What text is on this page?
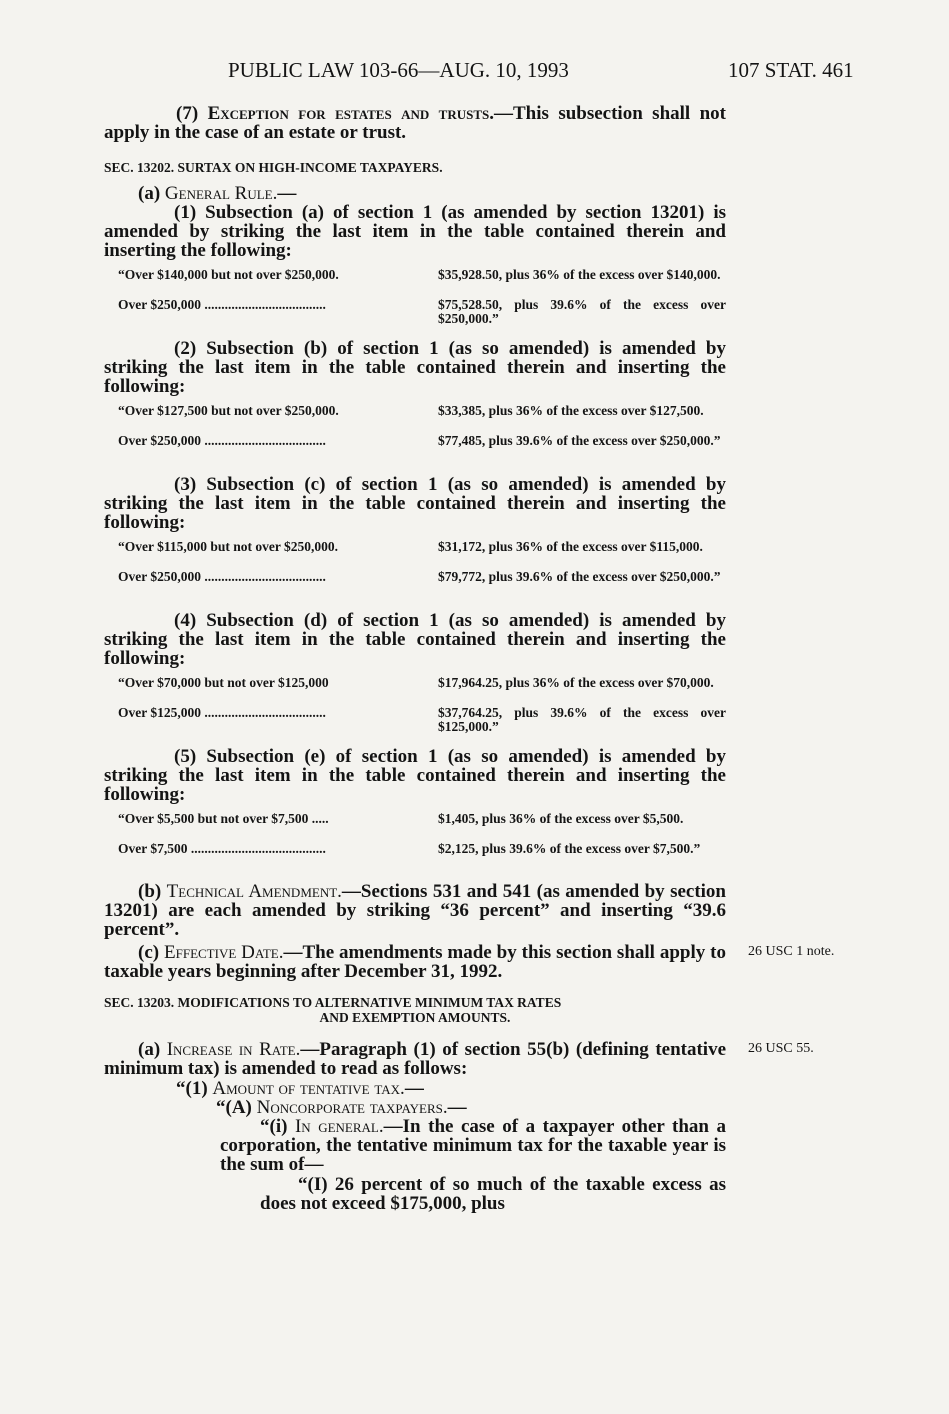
PUBLIC LAW 103-66—AUG. 10, 1993	107 STAT. 461

(7) Exception for estates and trusts.—This subsection shall not apply in the case of an estate or trust.

SEC. 13202. SURTAX ON HIGH-INCOME TAXPAYERS.

(a) General Rule.—

(1) Subsection (a) of section 1 (as amended by section 13201) is amended by striking the last item in the table contained therein and inserting the following:

“Over $140,000 but not over $250,000.	$35,928.50, plus 36% of the excess over $140,000.
Over $250,000 ....................................	$75,528.50, plus 39.6% of the excess over $250,000.”

(2) Subsection (b) of section 1 (as so amended) is amended by striking the last item in the table contained therein and inserting the following:

“Over $127,500 but not over $250,000.	$33,385, plus 36% of the excess over $127,500.
Over $250,000 ....................................	$77,485, plus 39.6% of the excess over $250,000.”

(3) Subsection (c) of section 1 (as so amended) is amended by striking the last item in the table contained therein and inserting the following:

“Over $115,000 but not over $250,000.	$31,172, plus 36% of the excess over $115,000.
Over $250,000 ....................................	$79,772, plus 39.6% of the excess over $250,000.”

(4) Subsection (d) of section 1 (as so amended) is amended by striking the last item in the table contained therein and inserting the following:

“Over $70,000 but not over $125,000	$17,964.25, plus 36% of the excess over $70,000.
Over $125,000 ....................................	$37,764.25, plus 39.6% of the excess over $125,000.”

(5) Subsection (e) of section 1 (as so amended) is amended by striking the last item in the table contained therein and inserting the following:

“Over $5,500 but not over $7,500 .....	$1,405, plus 36% of the excess over $5,500.
Over $7,500 ........................................	$2,125, plus 39.6% of the excess over $7,500.”

(b) Technical Amendment.—Sections 531 and 541 (as amended by section 13201) are each amended by striking “36 percent” and inserting “39.6 percent”.

(c) Effective Date.—The amendments made by this section shall apply to taxable years beginning after December 31, 1992.

26 USC 1 note.

SEC. 13203. MODIFICATIONS TO ALTERNATIVE MINIMUM TAX RATES

AND EXEMPTION AMOUNTS.

(a) Increase in Rate.—Paragraph (1) of section 55(b) (defining tentative minimum tax) is amended to read as follows:

26 USC 55.

“(1) Amount of tentative tax.—

“(A) Noncorporate taxpayers.—

“(i) In general.—In the case of a taxpayer other than a corporation, the tentative minimum tax for the taxable year is the sum of—

“(I) 26 percent of so much of the taxable excess as does not exceed $175,000, plus
